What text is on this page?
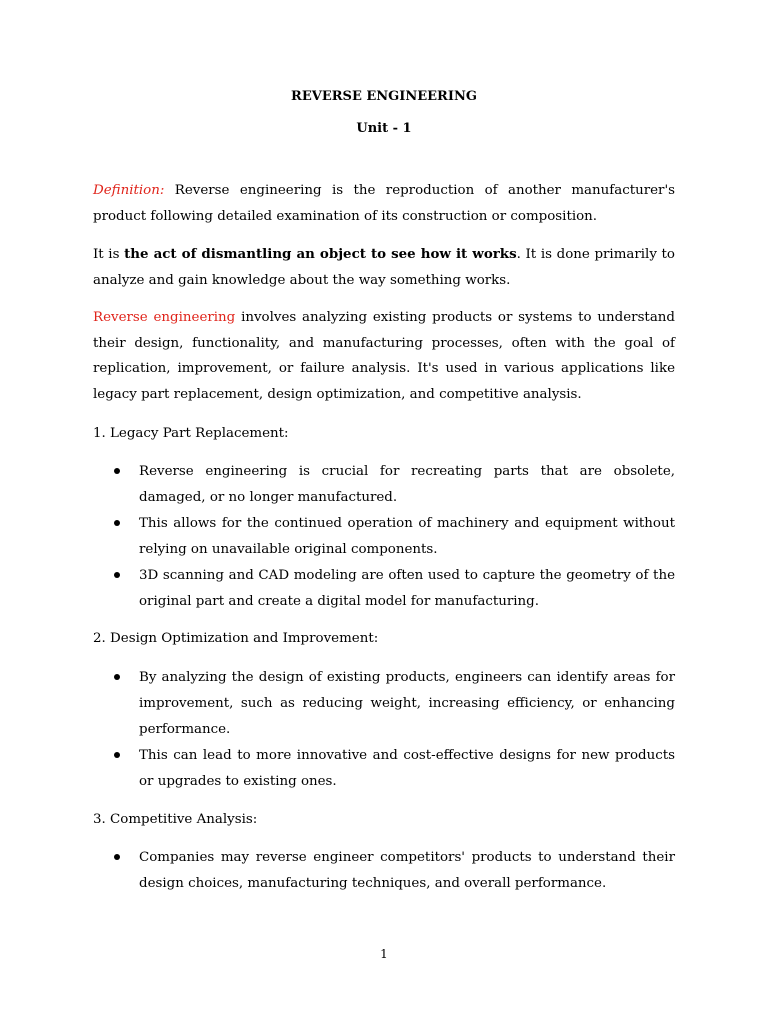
REVERSE ENGINEERING
Unit - 1

Definition: Reverse engineering is the reproduction of another manufacturer's product following detailed examination of its construction or composition.

It is the act of dismantling an object to see how it works. It is done primarily to analyze and gain knowledge about the way something works.

Reverse engineering involves analyzing existing products or systems to understand their design, functionality, and manufacturing processes, often with the goal of replication, improvement, or failure analysis. It's used in various applications like legacy part replacement, design optimization, and competitive analysis.

1. Legacy Part Replacement:
Reverse engineering is crucial for recreating parts that are obsolete, damaged, or no longer manufactured.
This allows for the continued operation of machinery and equipment without relying on unavailable original components.
3D scanning and CAD modeling are often used to capture the geometry of the original part and create a digital model for manufacturing.
2. Design Optimization and Improvement:
By analyzing the design of existing products, engineers can identify areas for improvement, such as reducing weight, increasing efficiency, or enhancing performance.
This can lead to more innovative and cost-effective designs for new products or upgrades to existing ones.
3. Competitive Analysis:
Companies may reverse engineer competitors' products to understand their design choices, manufacturing techniques, and overall performance.
1
